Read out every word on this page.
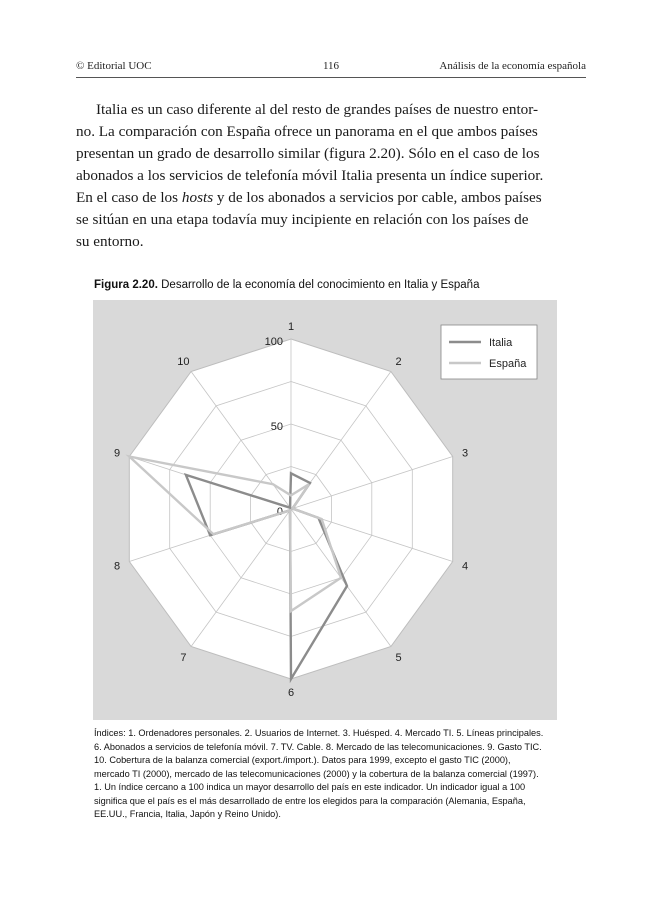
© Editorial UOC	116	Análisis de la economía española

Italia es un caso diferente al del resto de grandes países de nuestro entor-
no. La comparación con España ofrece un panorama en el que ambos países
presentan un grado de desarrollo similar (figura 2.20). Sólo en el caso de los
abonados a los servicios de telefonía móvil Italia presenta un índice superior.
En el caso de los hosts y de los abonados a servicios por cable, ambos países
se sitúan en una etapa todavía muy incipiente en relación con los países de
su entorno.

Figura 2.20. Desarrollo de la economía del conocimiento en Italia y España
0
50
100
1
2
3
4
5
6
7
8
9
10
Italia
España
Índices: 1. Ordenadores personales. 2. Usuarios de Internet. 3. Huésped. 4. Mercado TI. 5. Líneas principales.
6. Abonados a servicios de telefonía móvil. 7. TV. Cable. 8. Mercado de las telecomunicaciones. 9. Gasto TIC.
10. Cobertura de la balanza comercial (export./import.). Datos para 1999, excepto el gasto TIC (2000),
mercado TI (2000), mercado de las telecomunicaciones (2000) y la cobertura de la balanza comercial (1997).
1. Un índice cercano a 100 indica un mayor desarrollo del país en este indicador. Un indicador igual a 100
significa que el país es el más desarrollado de entre los elegidos para la comparación (Alemania, España,
EE.UU., Francia, Italia, Japón y Reino Unido).
